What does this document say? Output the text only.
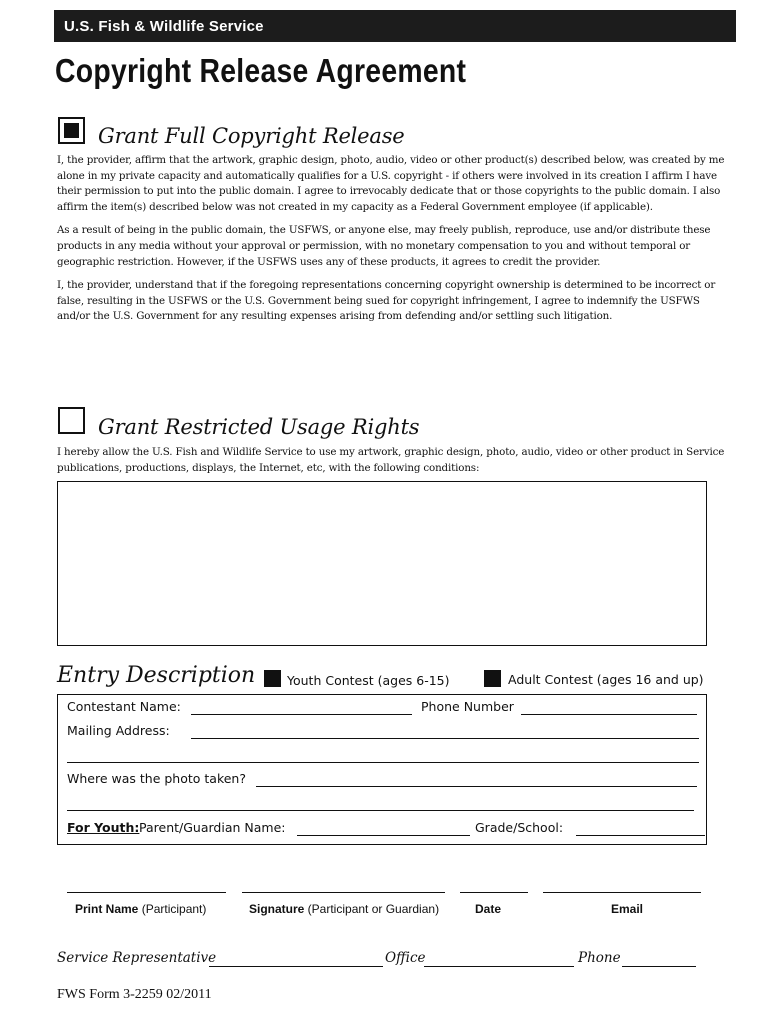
U.S. Fish & Wildlife Service
Copyright Release Agreement
Grant Full Copyright Release

I, the provider, affirm that the artwork, graphic design, photo, audio, video or other product(s) described below, was created by me alone in my private capacity and automatically qualifies for a U.S. copyright - if others were involved in its creation I affirm I have their permission to put into the public domain. I agree to irrevocably dedicate that or those copyrights to the public domain. I also affirm the item(s) described below was not created in my capacity as a Federal Government employee (if applicable).

As a result of being in the public domain, the USFWS, or anyone else, may freely publish, reproduce, use and/or distribute these products in any media without your approval or permission, with no monetary compensation to you and without temporal or geographic restriction. However, if the USFWS uses any of these products, it agrees to credit the provider.

I, the provider, understand that if the foregoing representations concerning copyright ownership is determined to be incorrect or false, resulting in the USFWS or the U.S. Government being sued for copyright infringement, I agree to indemnify the USFWS and/or the U.S. Government for any resulting expenses arising from defending and/or settling such litigation.

Grant Restricted Usage Rights

I hereby allow the U.S. Fish and Wildlife Service to use my artwork, graphic design, photo, audio, video or other product in Service publications, productions, displays, the Internet, etc, with the following conditions:

Entry Description	Youth Contest (ages 6-15)	Adult Contest (ages 16 and up)
Contestant Name:	Phone Number
Mailing Address:
Where was the photo taken?
For Youth: Parent/Guardian Name:	Grade/School:
Print Name (Participant)	Signature (Participant or Guardian)	Date	Email
Service Representative	Office	Phone
FWS Form 3-2259 02/2011
